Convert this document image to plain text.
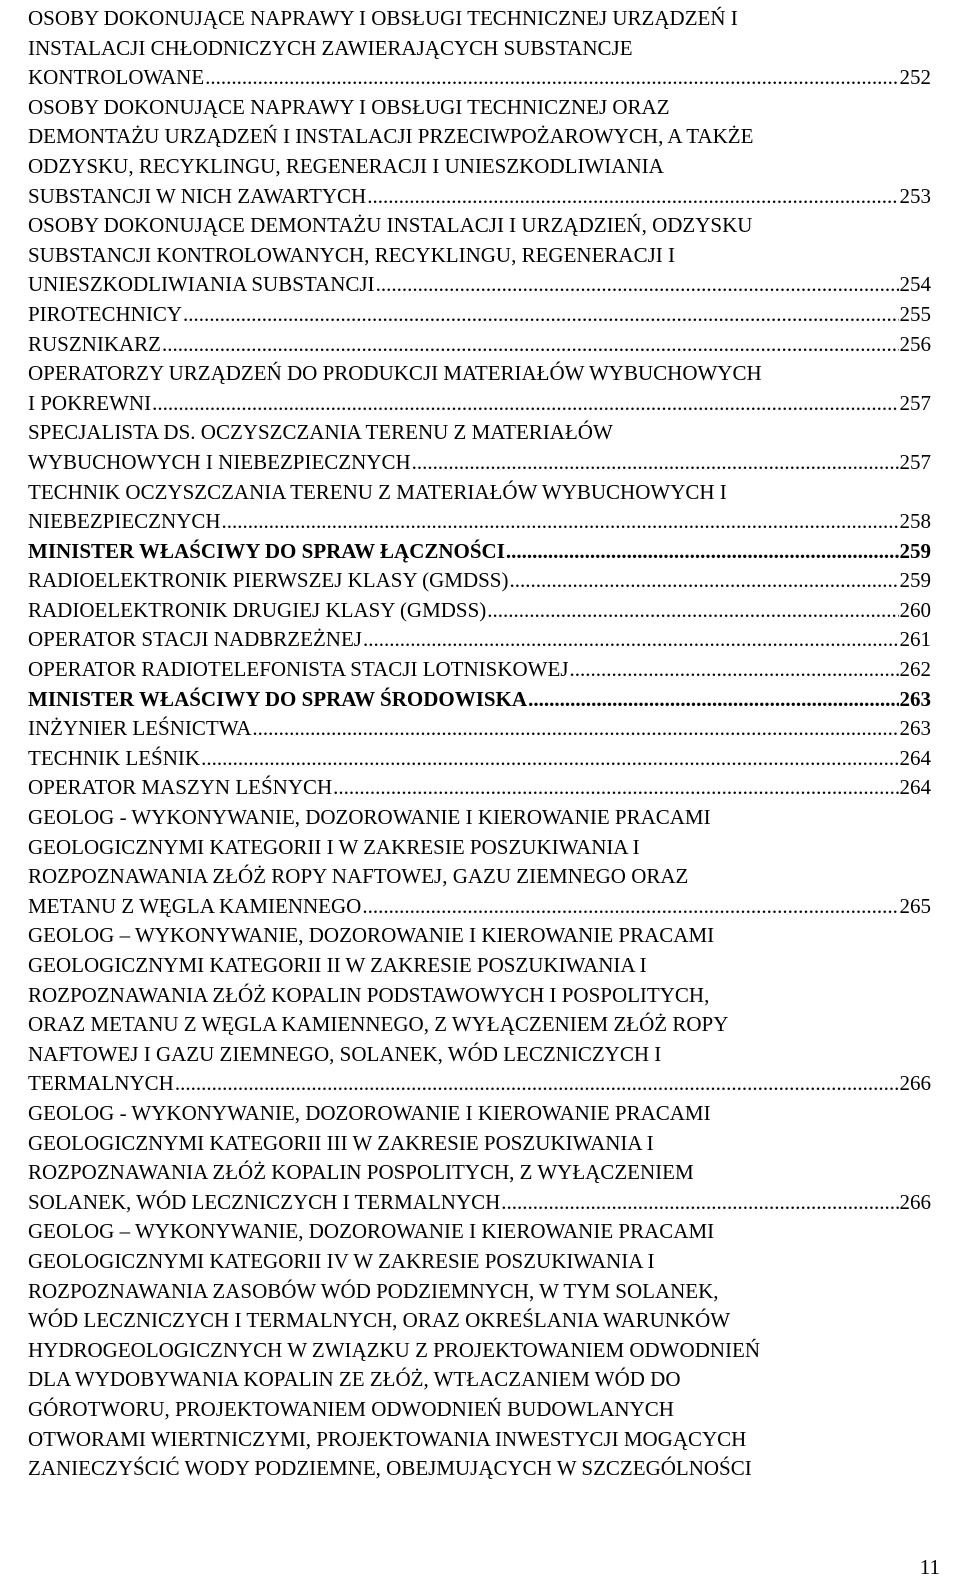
OSOBY DOKONUJĄCE NAPRAWY I OBSŁUGI TECHNICZNEJ URZĄDZEŃ I
INSTALACJI CHŁODNICZYCH ZAWIERAJĄCYCH SUBSTANCJE
KONTROLOWANE .....	252
OSOBY DOKONUJĄCE NAPRAWY I OBSŁUGI TECHNICZNEJ ORAZ
DEMONTAŻU URZĄDZEŃ I INSTALACJI PRZECIWPOŻAROWYCH, A TAKŻE
ODZYSKU, RECYKLINGU, REGENERACJI I UNIESZKODLIWIANIA
SUBSTANCJI W NICH ZAWARTYCH .....	253
OSOBY DOKONUJĄCE DEMONTAŻU INSTALACJI I URZĄDZIEŃ, ODZYSKU
SUBSTANCJI KONTROLOWANYCH, RECYKLINGU, REGENERACJI I
UNIESZKODLIWIANIA SUBSTANCJI .....	254
PIROTECHNICY .....	255
RUSZNIKARZ .....	256
OPERATORZY URZĄDZEŃ DO PRODUKCJI MATERIAŁÓW WYBUCHOWYCH
I POKREWNI .....	257
SPECJALISTA DS. OCZYSZCZANIA TERENU Z MATERIAŁÓW
WYBUCHOWYCH I NIEBEZPIECZNYCH .....	257
TECHNIK OCZYSZCZANIA TERENU Z MATERIAŁÓW WYBUCHOWYCH I
NIEBEZPIECZNYCH .....	258
MINISTER WŁAŚCIWY DO SPRAW ŁĄCZNOŚCI .....	259
RADIOELEKTRONIK PIERWSZEJ KLASY (GMDSS) .....	259
RADIOELEKTRONIK DRUGIEJ KLASY (GMDSS) .....	260
OPERATOR STACJI NADBRZEŻNEJ .....	261
OPERATOR RADIOTELEFONISTA STACJI LOTNISKOWEJ .....	262
MINISTER WŁAŚCIWY DO SPRAW ŚRODOWISKA .....	263
INŻYNIER LEŚNICTWA .....	263
TECHNIK LEŚNIK .....	264
OPERATOR MASZYN LEŚNYCH .....	264
GEOLOG - WYKONYWANIE, DOZOROWANIE I KIEROWANIE PRACAMI
GEOLOGICZNYMI KATEGORII I W ZAKRESIE POSZUKIWANIA I
ROZPOZNAWANIA ZŁÓŻ ROPY NAFTOWEJ, GAZU ZIEMNEGO ORAZ
METANU Z WĘGLA KAMIENNEGO .....	265
GEOLOG – WYKONYWANIE, DOZOROWANIE I KIEROWANIE PRACAMI
GEOLOGICZNYMI KATEGORII II W ZAKRESIE POSZUKIWANIA I
ROZPOZNAWANIA ZŁÓŻ KOPALIN PODSTAWOWYCH I POSPOLITYCH,
ORAZ METANU Z WĘGLA KAMIENNEGO, Z WYŁĄCZENIEM ZŁÓŻ ROPY
NAFTOWEJ I GAZU ZIEMNEGO, SOLANEK, WÓD LECZNICZYCH I
TERMALNYCH .....	266
GEOLOG - WYKONYWANIE, DOZOROWANIE I KIEROWANIE PRACAMI
GEOLOGICZNYMI KATEGORII III W ZAKRESIE POSZUKIWANIA I
ROZPOZNAWANIA ZŁÓŻ KOPALIN POSPOLITYCH, Z WYŁĄCZENIEM
SOLANEK, WÓD LECZNICZYCH I TERMALNYCH .....	266
GEOLOG – WYKONYWANIE, DOZOROWANIE I KIEROWANIE PRACAMI
GEOLOGICZNYMI KATEGORII IV W ZAKRESIE POSZUKIWANIA I
ROZPOZNAWANIA ZASOBÓW WÓD PODZIEMNYCH, W TYM SOLANEK,
WÓD LECZNICZYCH I TERMALNYCH, ORAZ OKREŚLANIA WARUNKÓW
HYDROGEOLOGICZNYCH W ZWIĄZKU Z PROJEKTOWANIEM ODWODNIEŃ
DLA WYDOBYWANIA KOPALIN ZE ZŁÓŻ, WTŁACZANIEM WÓD DO
GÓROTWORU, PROJEKTOWANIEM ODWODNIEŃ BUDOWLANYCH
OTWORAMI WIERTNICZYMI, PROJEKTOWANIA INWESTYCJI MOGĄCYCH
ZANIECZYŚCIĆ WODY PODZIEMNE, OBEJMUJĄCYCH W SZCZEGÓLNOŚCI
11
